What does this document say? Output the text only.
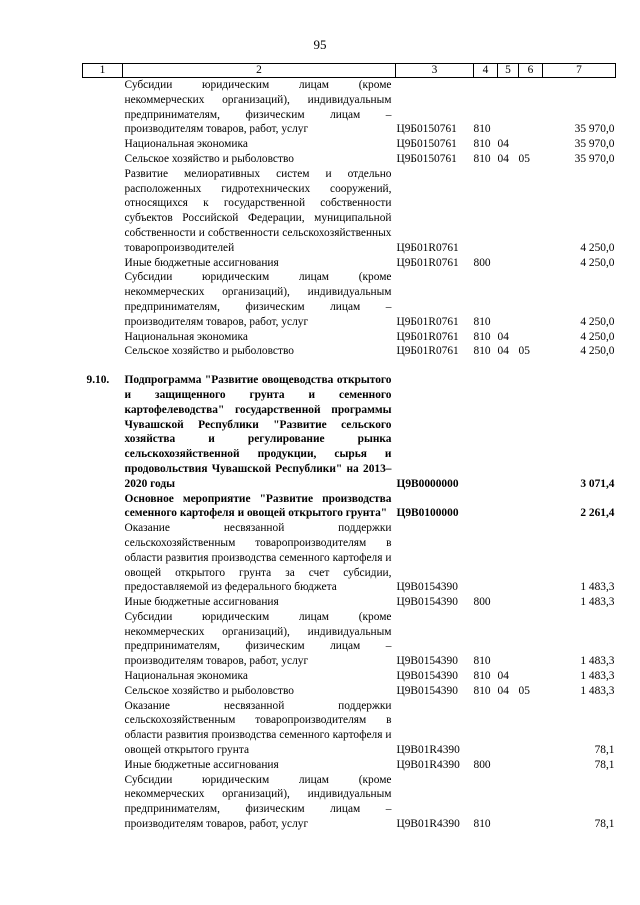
95
1	2	3	4	5	6	7
	Субсидии юридическим лицам (кроме некоммерческих организаций), индивидуальным предпринимателям, физическим лицам – производителям товаров, работ, услуг	Ц9Б0150761	810			35 970,0
	Национальная экономика	Ц9Б0150761	810	04		35 970,0
	Сельское хозяйство и рыболовство	Ц9Б0150761	810	04	05	35 970,0
	Развитие мелиоративных систем и отдельно расположенных гидротехнических сооружений, относящихся к государственной собственности субъектов Российской Федерации, муниципальной собственности и собственности сельскохозяйственных товаропроизводителей	Ц9Б01R0761				4 250,0
	Иные бюджетные ассигнования	Ц9Б01R0761	800			4 250,0
	Субсидии юридическим лицам (кроме некоммерческих организаций), индивидуальным предпринимателям, физическим лицам – производителям товаров, работ, услуг	Ц9Б01R0761	810			4 250,0
	Национальная экономика	Ц9Б01R0761	810	04		4 250,0
	Сельское хозяйство и рыболовство	Ц9Б01R0761	810	04	05	4 250,0

9.10.	Подпрограмма "Развитие овощеводства открытого и защищенного грунта и семенного картофелеводства" государственной программы Чувашской Республики "Развитие сельского хозяйства и регулирование рынка сельскохозяйственной продукции, сырья и продовольствия Чувашской Республики" на 2013–2020 годы	Ц9В0000000				3 071,4
	Основное мероприятие "Развитие производства семенного картофеля и овощей открытого грунта"	Ц9В0100000				2 261,4
	Оказание несвязанной поддержки сельскохозяйственным товаропроизводителям в области развития производства семенного картофеля и овощей открытого грунта за счет субсидии, предоставляемой из федерального бюджета	Ц9В0154390				1 483,3
	Иные бюджетные ассигнования	Ц9В0154390	800			1 483,3
	Субсидии юридическим лицам (кроме некоммерческих организаций), индивидуальным предпринимателям, физическим лицам – производителям товаров, работ, услуг	Ц9В0154390	810			1 483,3
	Национальная экономика	Ц9В0154390	810	04		1 483,3
	Сельское хозяйство и рыболовство	Ц9В0154390	810	04	05	1 483,3
	Оказание несвязанной поддержки сельскохозяйственным товаропроизводителям в области развития производства семенного картофеля и овощей открытого грунта	Ц9В01R4390				78,1
	Иные бюджетные ассигнования	Ц9В01R4390	800			78,1
	Субсидии юридическим лицам (кроме некоммерческих организаций), индивидуальным предпринимателям, физическим лицам – производителям товаров, работ, услуг	Ц9В01R4390	810			78,1
